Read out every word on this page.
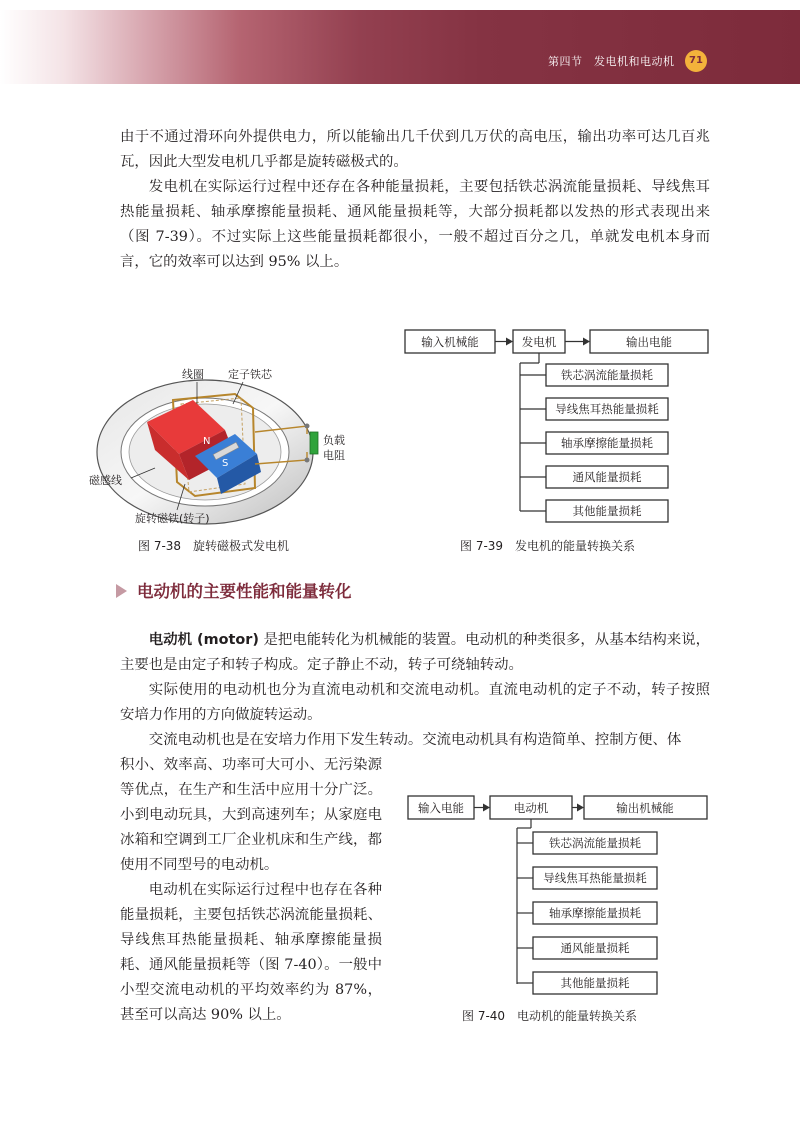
第四节　发电机和电动机	71

由于不通过滑环向外提供电力，所以能输出几千伏到几万伏的高电压，输出功率可达几百兆瓦，因此大型发电机几乎都是旋转磁极式的。

发电机在实际运行过程中还存在各种能量损耗，主要包括铁芯涡流能量损耗、导线焦耳热能量损耗、轴承摩擦能量损耗、通风能量损耗等，大部分损耗都以发热的形式表现出来（图 7-39）。不过实际上这些能量损耗都很小，一般不超过百分之几，单就发电机本身而言，它的效率可以达到 95% 以上。

N
S
线圈 定子铁芯
负载
电阻
磁感线
旋转磁铁(转子)
图 7-38　旋转磁极式发电机
输入机械能	发电机	输出电能
铁芯涡流能量损耗
导线焦耳热能量损耗
轴承摩擦能量损耗
通风能量损耗
其他能量损耗
图 7-39　发电机的能量转换关系
电动机的主要性能和能量转化

电动机 (motor) 是把电能转化为机械能的装置。电动机的种类很多，从基本结构来说，主要也是由定子和转子构成。定子静止不动，转子可绕轴转动。

实际使用的电动机也分为直流电动机和交流电动机。直流电动机的定子不动，转子按照安培力作用的方向做旋转运动。

交流电动机也是在安培力作用下发生转动。交流电动机具有构造简单、控制方便、体

积小、效率高、功率可大可小、无污染源等优点，在生产和生活中应用十分广泛。小到电动玩具，大到高速列车；从家庭电冰箱和空调到工厂企业机床和生产线，都使用不同型号的电动机。

电动机在实际运行过程中也存在各种能量损耗，主要包括铁芯涡流能量损耗、导线焦耳热能量损耗、轴承摩擦能量损耗、通风能量损耗等（图 7-40）。一般中小型交流电动机的平均效率约为 87%，甚至可以高达 90% 以上。

输入电能	电动机	输出机械能
铁芯涡流能量损耗
导线焦耳热能量损耗
轴承摩擦能量损耗
通风能量损耗
其他能量损耗
图 7-40　电动机的能量转换关系
